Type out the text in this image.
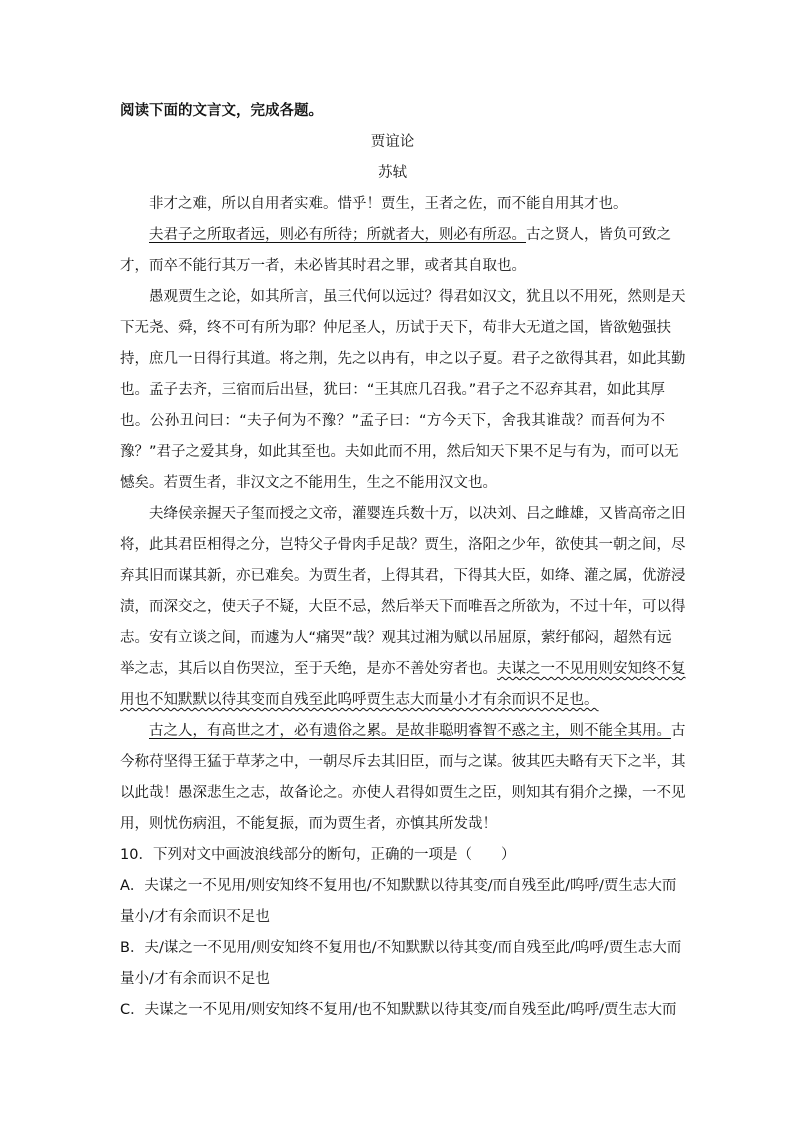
阅读下面的文言文，完成各题。
贾谊论
苏轼
非才之难，所以自用者实难。惜乎！贾生，王者之佐，而不能自用其才也。
夫君子之所取者远，则必有所待；所就者大，则必有所忍。古之贤人，皆负可致之
才，而卒不能行其万一者，未必皆其时君之罪，或者其自取也。
愚观贾生之论，如其所言，虽三代何以远过？得君如汉文，犹且以不用死，然则是天
下无尧、舜，终不可有所为耶？仲尼圣人，历试于天下，苟非大无道之国，皆欲勉强扶
持，庶几一日得行其道。将之荆，先之以冉有，申之以子夏。君子之欲得其君，如此其勤
也。孟子去齐，三宿而后出昼，犹曰：“王其庶几召我。”君子之不忍弃其君，如此其厚
也。公孙丑问曰：“夫子何为不豫？”孟子曰：“方今天下，舍我其谁哉？而吾何为不
豫？”君子之爱其身，如此其至也。夫如此而不用，然后知天下果不足与有为，而可以无
憾矣。若贾生者，非汉文之不能用生，生之不能用汉文也。
夫绛侯亲握天子玺而授之文帝，灌婴连兵数十万，以决刘、吕之雌雄，又皆高帝之旧
将，此其君臣相得之分，岂特父子骨肉手足哉？贾生，洛阳之少年，欲使其一朝之间，尽
弃其旧而谋其新，亦已难矣。为贾生者，上得其君，下得其大臣，如绛、灌之属，优游浸
渍，而深交之，使天子不疑，大臣不忌，然后举天下而唯吾之所欲为，不过十年，可以得
志。安有立谈之间，而遽为人“痛哭”哉？观其过湘为赋以吊屈原，萦纡郁闷，超然有远
举之志，其后以自伤哭泣，至于夭绝，是亦不善处穷者也。夫谋之一不见用则安知终不复
用也不知默默以待其变而自残至此呜呼贾生志大而量小才有余而识不足也。
古之人，有高世之才，必有遗俗之累。是故非聪明睿智不惑之主，则不能全其用。古
今称苻坚得王猛于草茅之中，一朝尽斥去其旧臣，而与之谋。彼其匹夫略有天下之半，其
以此哉！愚深悲生之志，故备论之。亦使人君得如贾生之臣，则知其有狷介之操，一不见
用，则忧伤病沮，不能复振，而为贾生者，亦慎其所发哉！
10．下列对文中画波浪线部分的断句，正确的一项是（　　）
A．夫谋之一不见用/则安知终不复用也/不知默默以待其变/而自残至此/呜呼/贾生志大而
量小/才有余而识不足也
B．夫/谋之一不见用/则安知终不复用也/不知默默以待其变/而自残至此/呜呼/贾生志大而
量小/才有余而识不足也
C．夫谋之一不见用/则安知终不复用/也不知默默以待其变/而自残至此/呜呼/贾生志大而
